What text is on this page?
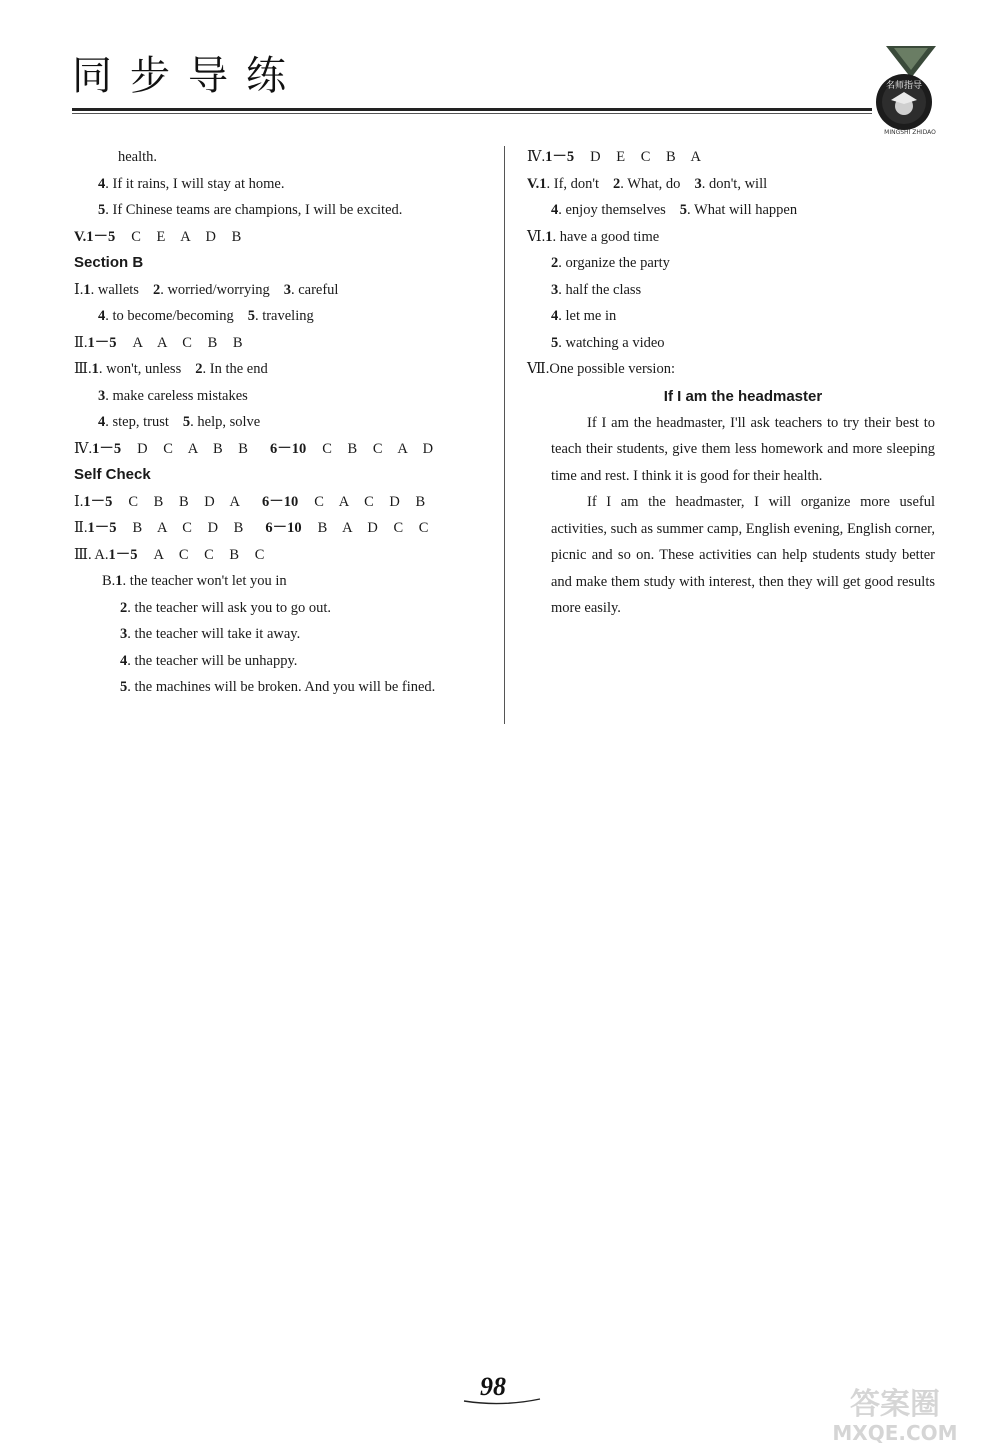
同步导练	名师指导
MINGSHI ZHIDAO
health.
4. If it rains, I will stay at home.
5. If Chinese teams are champions, I will be excited.
V.1－5 C E A D B
Section B
Ⅰ.1. wallets 2. worried/worrying 3. careful
4. to become/becoming 5. traveling
Ⅱ.1－5 A A C B B
Ⅲ.1. won't, unless 2. In the end
3. make careless mistakes
4. step, trust 5. help, solve
Ⅳ.1－5 D C A B B 6－10 C B C A D
Self Check
Ⅰ.1－5 C B B D A 6－10 C A C D B
Ⅱ.1－5 B A C D B 6－10 B A D C C
Ⅲ. A.1－5 A C C B C
B.1. the teacher won't let you in
2. the teacher will ask you to go out.
3. the teacher will take it away.
4. the teacher will be unhappy.
5. the machines will be broken. And you will be fined.
Ⅳ.1－5 D E C B A
V.1. If, don't 2. What, do 3. don't, will
4. enjoy themselves 5. What will happen
Ⅵ.1. have a good time
2. organize the party
3. half the class
4. let me in
5. watching a video
Ⅶ.One possible version:
If I am the headmaster

If I am the headmaster, I'll ask teachers to try their best to teach their students, give them less homework and more sleeping time and rest. I think it is good for their health.

If I am the headmaster, I will organize more useful activities, such as summer camp, English evening, English corner, picnic and so on. These activities can help students study better and make them study with interest, then they will get good results more easily.

98
答案圈 MXQE.COM
